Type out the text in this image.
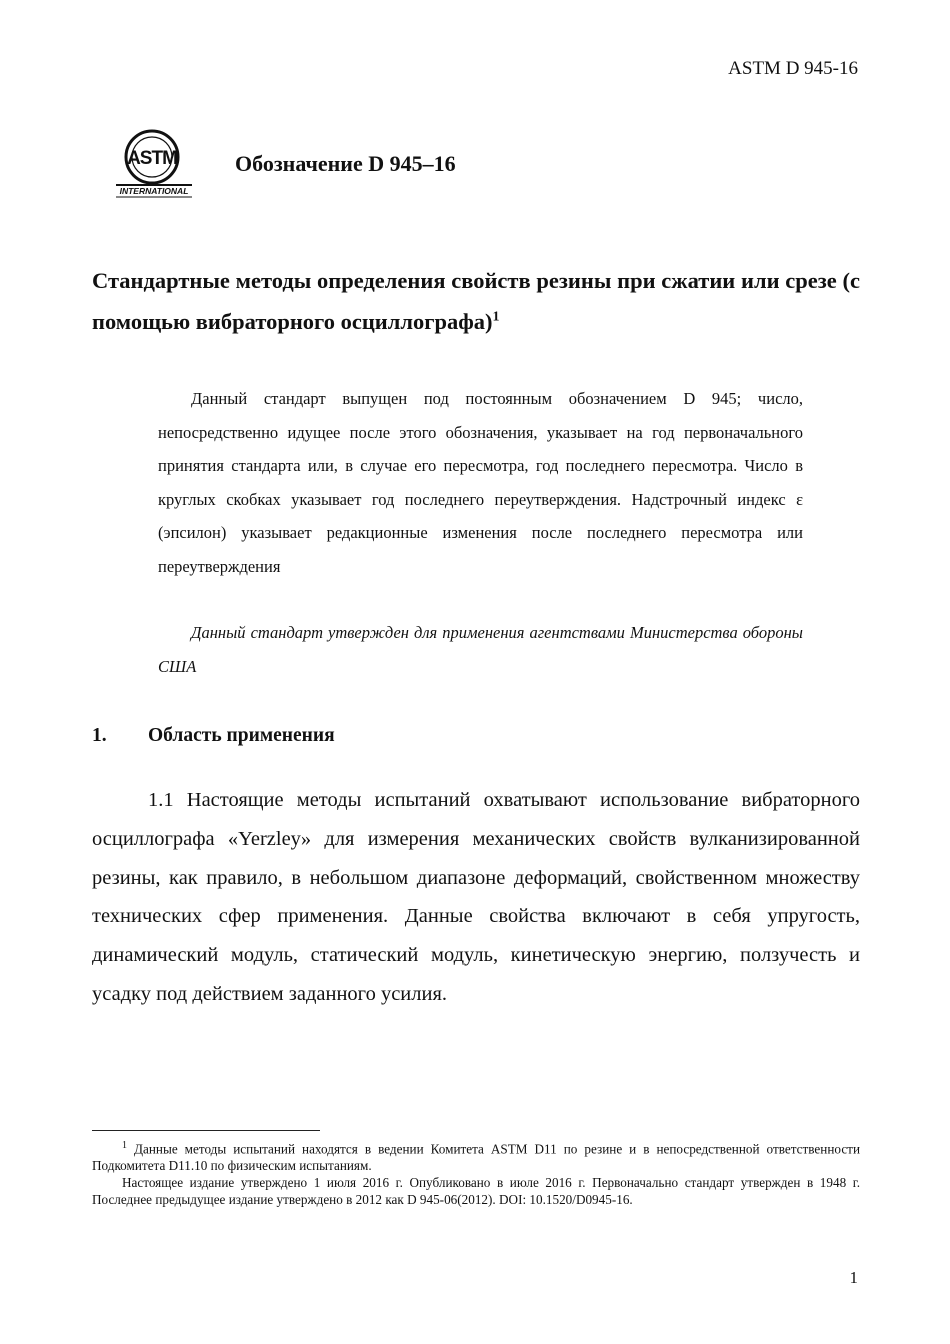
ASTM D 945-16
ASTM
INTERNATIONAL
Обозначение D 945–16
Стандартные методы определения свойств резины при сжатии или срезе (с помощью вибраторного осциллографа)$^1$
Данный стандарт выпущен под постоянным обозначением D 945; число, непосредственно идущее после этого обозначения, указывает на год первоначального принятия стандарта или, в случае его пересмотра, год последнего пересмотра. Число в круглых скобках указывает год последнего переутверждения. Надстрочный индекс ε (эпсилон) указывает редакционные изменения после последнего пересмотра или переутверждения
Данный стандарт утвержден для применения агентствами Министерства обороны США
1. Область применения
1.1 Настоящие методы испытаний охватывают использование вибраторного осциллографа «Yerzley» для измерения механических свойств вулканизированной резины, как правило, в небольшом диапазоне деформаций, свойственном множеству технических сфер применения. Данные свойства включают в себя упругость, динамический модуль, статический модуль, кинетическую энергию, ползучесть и усадку под действием заданного усилия.

$^1$ Данные методы испытаний находятся в ведении Комитета ASTM D11 по резине и в непосредственной ответственности Подкомитета D11.10 по физическим испытаниям.

Настоящее издание утверждено 1 июля 2016 г. Опубликовано в июле 2016 г. Первоначально стандарт утвержден в 1948 г. Последнее предыдущее издание утверждено в 2012 как D 945-06(2012). DOI: 10.1520/D0945-16.

1
